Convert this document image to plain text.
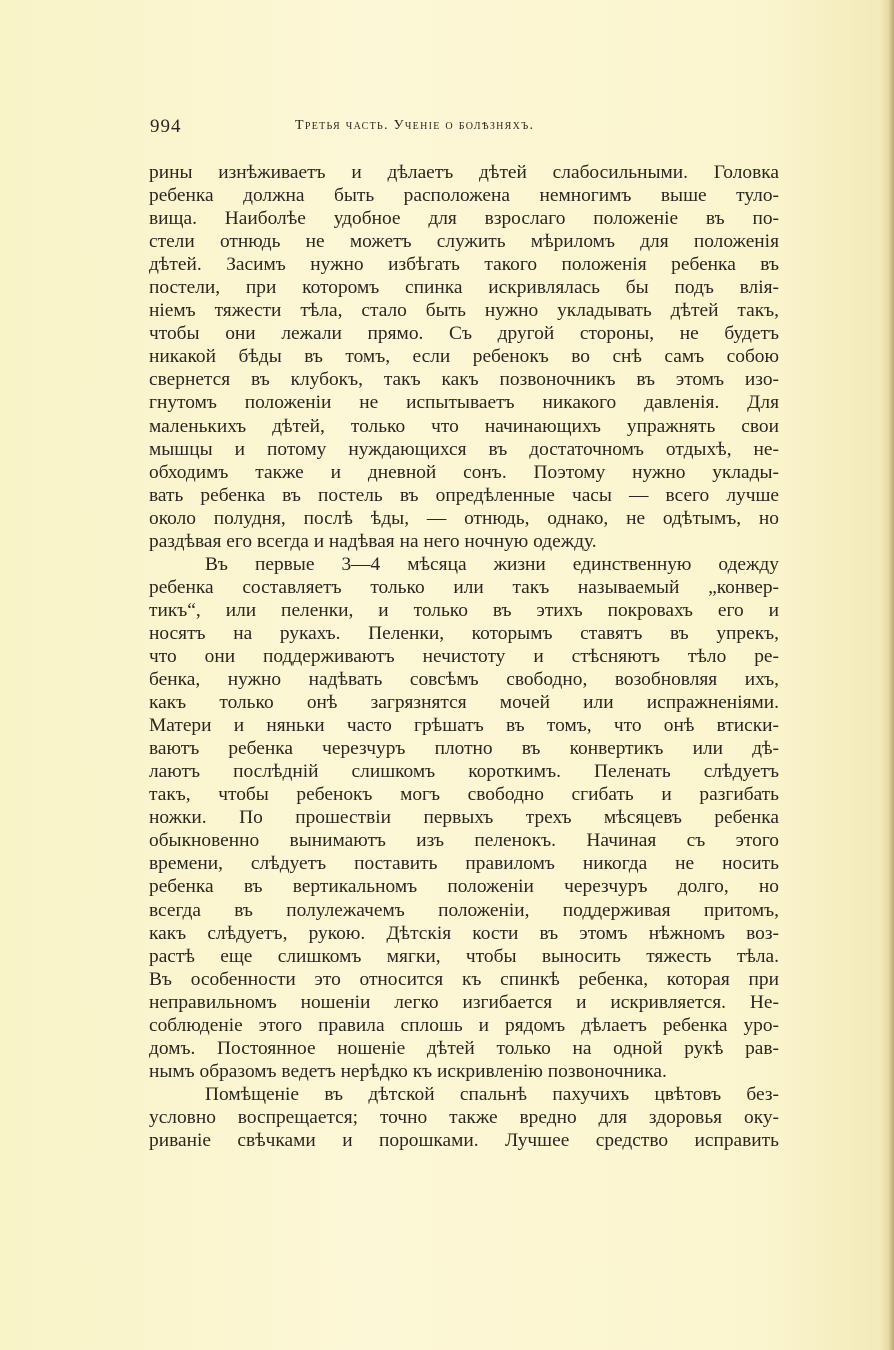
994	Третья часть. Ученіе о болѣзняхъ.
рины изнѣживаетъ и дѣлаетъ дѣтей слабосильными. Головка
ребенка должна быть расположена немногимъ выше туло-
вища. Наиболѣе удобное для взрослаго положеніе въ по-
стели отнюдь не можетъ служить мѣриломъ для положенія
дѣтей. Засимъ нужно избѣгать такого положенія ребенка въ
постели, при которомъ спинка искривлялась бы подъ влія-
ніемъ тяжести тѣла, стало быть нужно укладывать дѣтей такъ,
чтобы они лежали прямо. Съ другой стороны, не будетъ
никакой бѣды въ томъ, если ребенокъ во снѣ самъ собою
свернется въ клубокъ, такъ какъ позвоночникъ въ этомъ изо-
гнутомъ положеніи не испытываетъ никакого давленія. Для
маленькихъ дѣтей, только что начинающихъ упражнять свои
мышцы и потому нуждающихся въ достаточномъ отдыхѣ, не-
обходимъ также и дневной сонъ. Поэтому нужно уклады-
вать ребенка въ постель въ опредѣленные часы — всего лучше
около полудня, послѣ ѣды, — отнюдь, однако, не одѣтымъ, но
раздѣвая его всегда и надѣвая на него ночную одежду.
Въ первые 3—4 мѣсяца жизни единственную одежду
ребенка составляетъ только или такъ называемый „конвер-
тикъ“, или пеленки, и только въ этихъ покровахъ его и
носятъ на рукахъ. Пеленки, которымъ ставятъ въ упрекъ,
что они поддерживаютъ нечистоту и стѣсняютъ тѣло ре-
бенка, нужно надѣвать совсѣмъ свободно, возобновляя ихъ,
какъ только онѣ загрязнятся мочей или испражненіями.
Матери и няньки часто грѣшатъ въ томъ, что онѣ втиски-
ваютъ ребенка черезчуръ плотно въ конвертикъ или дѣ-
лаютъ послѣдній слишкомъ короткимъ. Пеленать слѣдуетъ
такъ, чтобы ребенокъ могъ свободно сгибать и разгибать
ножки. По прошествіи первыхъ трехъ мѣсяцевъ ребенка
обыкновенно вынимаютъ изъ пеленокъ. Начиная съ этого
времени, слѣдуетъ поставить правиломъ никогда не носить
ребенка въ вертикальномъ положеніи черезчуръ долго, но
всегда въ полулежачемъ положеніи, поддерживая притомъ,
какъ слѣдуетъ, рукою. Дѣтскія кости въ этомъ нѣжномъ воз-
растѣ еще слишкомъ мягки, чтобы выносить тяжесть тѣла.
Въ особенности это относится къ спинкѣ ребенка, которая при
неправильномъ ношеніи легко изгибается и искривляется. Не-
соблюденіе этого правила сплошь и рядомъ дѣлаетъ ребенка уро-
домъ. Постоянное ношеніе дѣтей только на одной рукѣ рав-
нымъ образомъ ведетъ нерѣдко къ искривленію позвоночника.
Помѣщеніе въ дѣтской спальнѣ пахучихъ цвѣтовъ без-
условно воспрещается; точно также вредно для здоровья оку-
риваніе свѣчками и порошками. Лучшее средство исправить
